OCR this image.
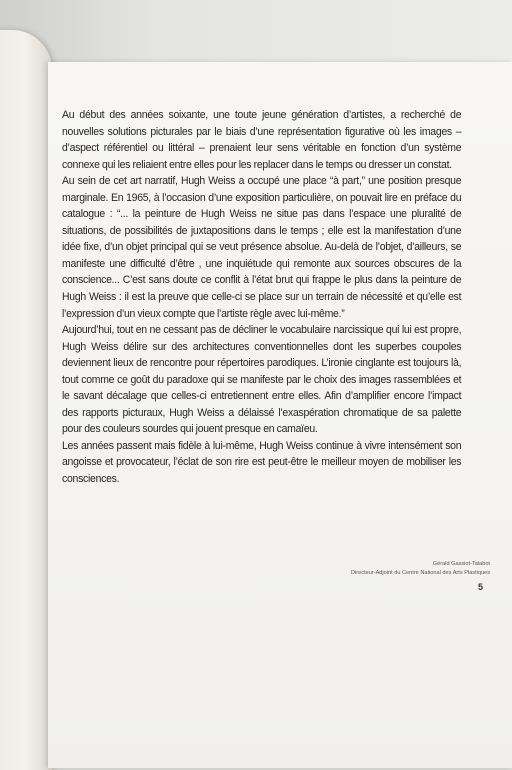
Au début des années soixante, une toute jeune génération d’artistes, a recherché de nouvelles solutions picturales par le biais d’une représentation figurative où les images – d’aspect référentiel ou littéral – prenaient leur sens véritable en fonction d’un système connexe qui les reliaient entre elles pour les replacer dans le temps ou dresser un constat.

Au sein de cet art narratif, Hugh Weiss a occupé une place “à part,” une position presque marginale. En 1965, à l’occasion d’une exposition particulière, on pouvait lire en préface du catalogue : “... la peinture de Hugh Weiss ne situe pas dans l’espace une pluralité de situations, de possibilités de juxtapositions dans le temps ; elle est la manifestation d’une idée fixe, d’un objet principal qui se veut présence absolue. Au-delà de l’objet, d’ailleurs, se manifeste une difficulté d’être , une inquiétude qui remonte aux sources obscures de la conscience... C’est sans doute ce conflit à l’état brut qui frappe le plus dans la peinture de Hugh Weiss : il est la preuve que celle-ci se place sur un terrain de nécessité et qu’elle est l’expression d’un vieux compte que l’artiste règle avec lui-même.”

Aujourd’hui, tout en ne cessant pas de décliner le vocabulaire narcissique qui lui est propre, Hugh Weiss délire sur des architectures conventionnelles dont les superbes coupoles deviennent lieux de rencontre pour répertoires parodiques. L’ironie cinglante est toujours là, tout comme ce goût du paradoxe qui se manifeste par le choix des images rassemblées et le savant décalage que celles-ci entretiennent entre elles. Afin d’amplifier encore l’impact des rapports picturaux, Hugh Weiss a délaissé l’exaspération chromatique de sa palette pour des couleurs sourdes qui jouent presque en camaïeu.

Les années passent mais fidèle à lui-même, Hugh Weiss continue à vivre intensément son angoisse et provocateur, l’éclat de son rire est peut-être le meilleur moyen de mobiliser les consciences.

Gérald Gassiot-Talabot
Directeur-Adjoint du Centre National des Arts Plastiques
5
